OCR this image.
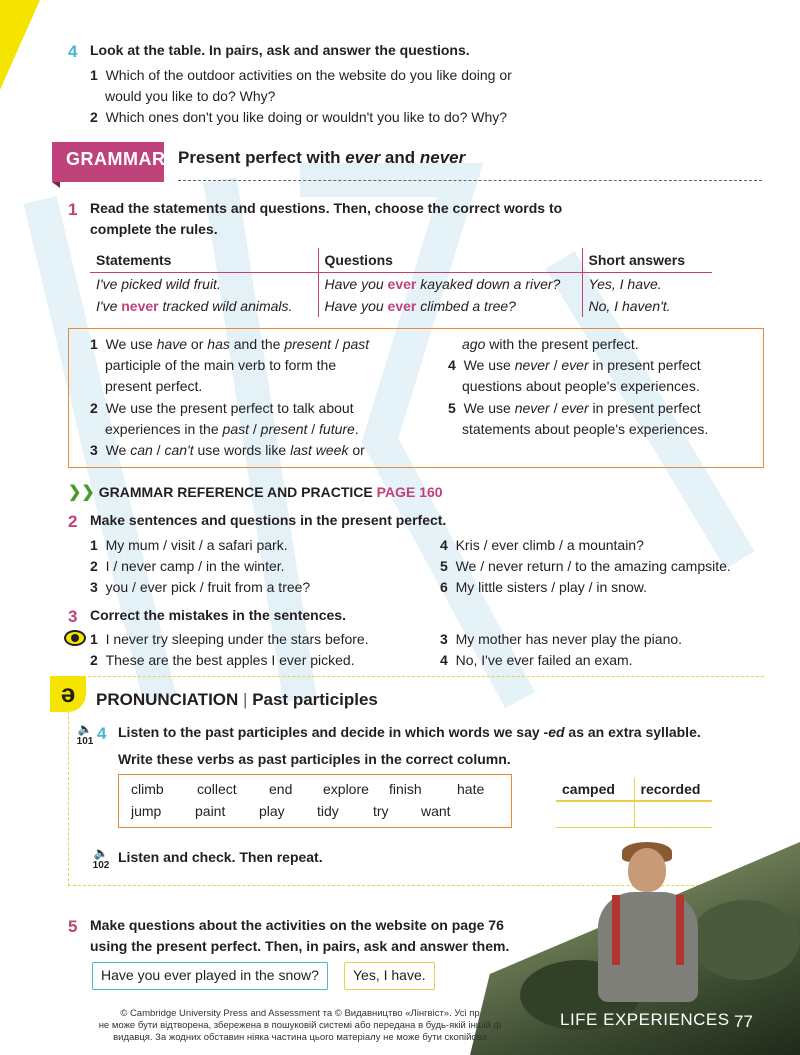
4 Look at the table. In pairs, ask and answer the questions.
1 Which of the outdoor activities on the website do you like doing or
would you like to do? Why?
2 Which ones don't you like doing or wouldn't you like to do? Why?
GRAMMAR Present perfect with ever and never
1 Read the statements and questions. Then, choose the correct words to
complete the rules.
Statements	Questions	Short answers
I've picked wild fruit.	Have you ever kayaked down a river?	Yes, I have.
I've never tracked wild animals.	Have you ever climbed a tree?	No, I haven't.
1 We use have or has and the present / past
participle of the main verb to form the
present perfect.
2 We use the present perfect to talk about
experiences in the past / present / future.
3 We can / can't use words like last week or
ago with the present perfect.
4 We use never / ever in present perfect
questions about people's experiences.
5 We use never / ever in present perfect
statements about people's experiences.
❯❯ GRAMMAR REFERENCE AND PRACTICE PAGE 160
2 Make sentences and questions in the present perfect.
1 My mum / visit / a safari park.
2 I / never camp / in the winter.
3 you / ever pick / fruit from a tree?
4 Kris / ever climb / a mountain?
5 We / never return / to the amazing campsite.
6 My little sisters / play / in snow.
3 Correct the mistakes in the sentences.
1 I never try sleeping under the stars before.
2 These are the best apples I ever picked.
3 My mother has never play the piano.
4 No, I've ever failed an exam.
ə	PRONUNCIATION | Past participles
🔈
101 4 Listen to the past participles and decide in which words we say -ed as an extra syllable.
Write these verbs as past participles in the correct column.
climb collect end explore finish	hate
jump paint play tidy try want
camped	recorded

🔈
102
Listen and check. Then repeat.
5 Make questions about the activities on the website on page 76
using the present perfect. Then, in pairs, ask and answer them.
Have you ever played in the snow?	Yes, I have.
© Cambridge University Press and Assessment та © Видавництво «Лінгвіст». Усі пр
не може бути відтворена, збережена в пошуковій системі або передана в будь-якій іншій ф
видавця. За жодних обставин ніяка частина цього матеріалу не може бути скопійова
LIFE EXPERIENCES 77
